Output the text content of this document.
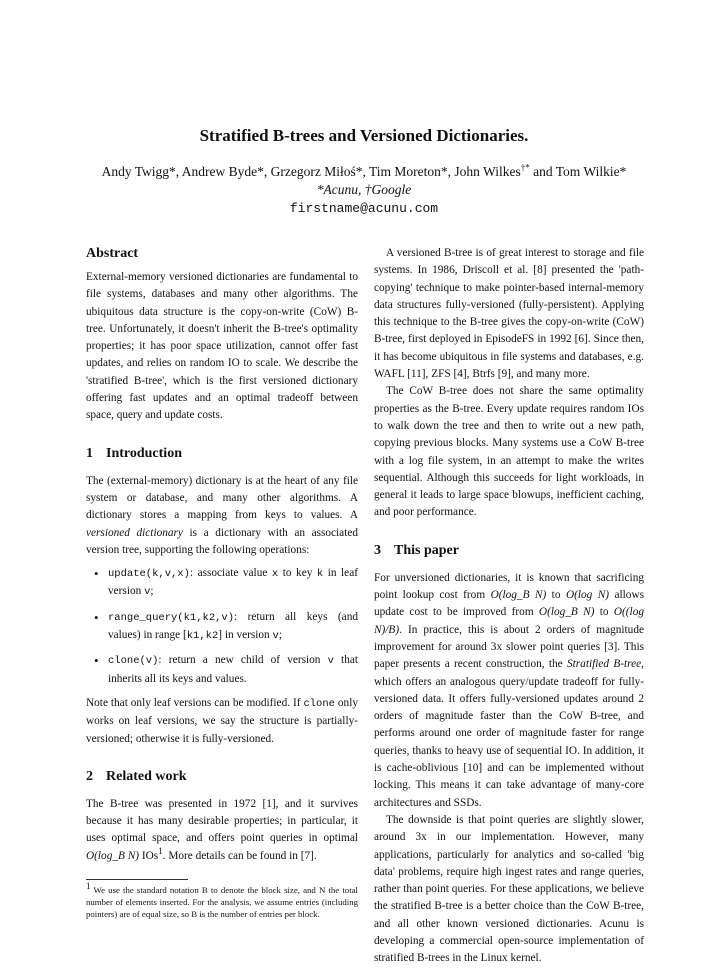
Stratified B-trees and Versioned Dictionaries.
Andy Twigg*, Andrew Byde*, Grzegorz Miłoś*, Tim Moreton*, John Wilkes†* and Tom Wilkie*
*Acunu, †Google
firstname@acunu.com
Abstract

External-memory versioned dictionaries are fundamental to file systems, databases and many other algorithms. The ubiquitous data structure is the copy-on-write (CoW) B-tree. Unfortunately, it doesn't inherit the B-tree's optimality properties; it has poor space utilization, cannot offer fast updates, and relies on random IO to scale. We describe the 'stratified B-tree', which is the first versioned dictionary offering fast updates and an optimal tradeoff between space, query and update costs.

1 Introduction

The (external-memory) dictionary is at the heart of any file system or database, and many other algorithms. A dictionary stores a mapping from keys to values. A versioned dictionary is a dictionary with an associated version tree, supporting the following operations:

• update(k,v,x): associate value x to key k in leaf version v;
• range_query(k1,k2,v): return all keys (and values) in range [k1,k2] in version v;
• clone(v): return a new child of version v that inherits all its keys and values.

Note that only leaf versions can be modified. If clone only works on leaf versions, we say the structure is partially-versioned; otherwise it is fully-versioned.

2 Related work

The B-tree was presented in 1972 [1], and it survives because it has many desirable properties; in particular, it uses optimal space, and offers point queries in optimal O(log_B N) IOs$^1$. More details can be found in [7].

$^1$ We use the standard notation B to denote the block size, and N the total number of elements inserted. For the analysis, we assume entries (including pointers) are of equal size, so B is the number of entries per block.

A versioned B-tree is of great interest to storage and file systems. In 1986, Driscoll et al. [8] presented the 'path-copying' technique to make pointer-based internal-memory data structures fully-versioned (fully-persistent). Applying this technique to the B-tree gives the copy-on-write (CoW) B-tree, first deployed in EpisodeFS in 1992 [6]. Since then, it has become ubiquitous in file systems and databases, e.g. WAFL [11], ZFS [4], Btrfs [9], and many more.

The CoW B-tree does not share the same optimality properties as the B-tree. Every update requires random IOs to walk down the tree and then to write out a new path, copying previous blocks. Many systems use a CoW B-tree with a log file system, in an attempt to make the writes sequential. Although this succeeds for light workloads, in general it leads to large space blowups, inefficient caching, and poor performance.

3 This paper

For unversioned dictionaries, it is known that sacrificing point lookup cost from O(log_B N) to O(log N) allows update cost to be improved from O(log_B N) to O((log N)/B). In practice, this is about 2 orders of magnitude improvement for around 3x slower point queries [3]. This paper presents a recent construction, the Stratified B-tree, which offers an analogous query/update tradeoff for fully-versioned data. It offers fully-versioned updates around 2 orders of magnitude faster than the CoW B-tree, and performs around one order of magnitude faster for range queries, thanks to heavy use of sequential IO. In addition, it is cache-oblivious [10] and can be implemented without locking. This means it can take advantage of many-core architectures and SSDs.

The downside is that point queries are slightly slower, around 3x in our implementation. However, many applications, particularly for analytics and so-called 'big data' problems, require high ingest rates and range queries, rather than point queries. For these applications, we believe the stratified B-tree is a better choice than the CoW B-tree, and all other known versioned dictionaries. Acunu is developing a commercial open-source implementation of stratified B-trees in the Linux kernel.
